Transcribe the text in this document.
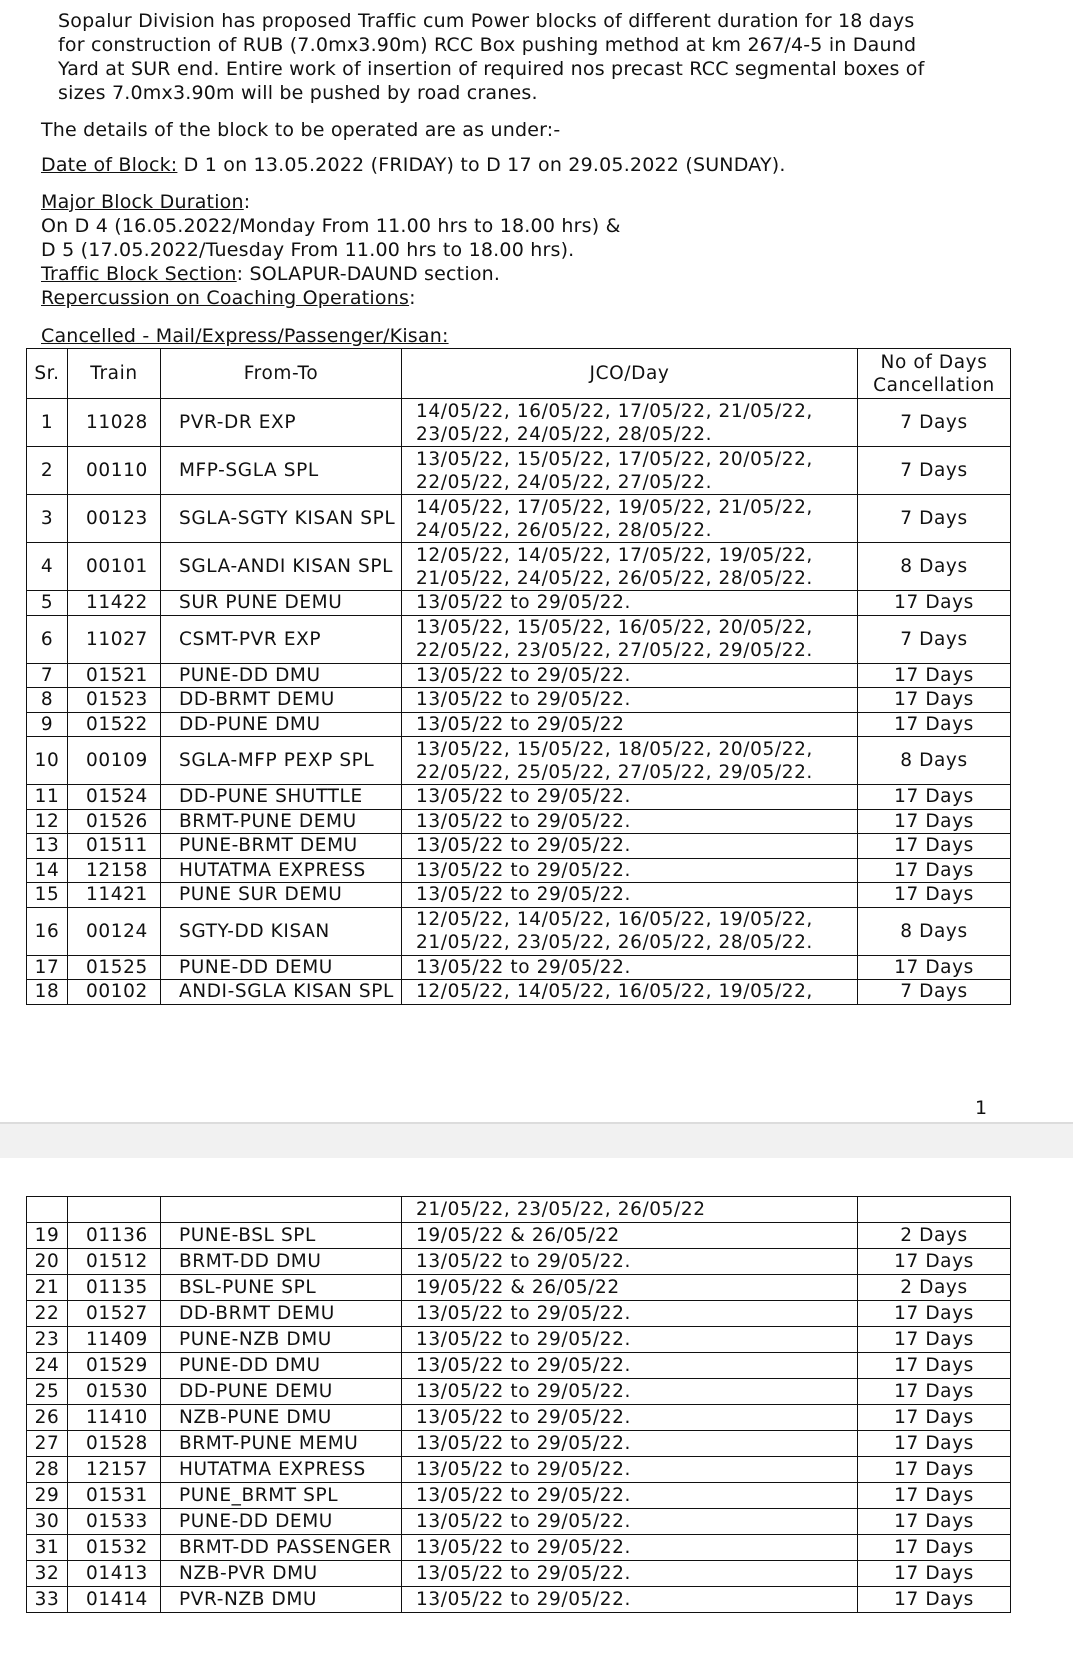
Sopalur Division has proposed Traffic cum Power blocks of different duration for 18 days

for construction of RUB (7.0mx3.90m) RCC Box pushing method at km 267/4-5 in Daund

Yard at SUR end. Entire work of insertion of required nos precast RCC segmental boxes of

sizes 7.0mx3.90m will be pushed by road cranes.

The details of the block to be operated are as under:-

Date of Block: D 1 on 13.05.2022 (FRIDAY) to D 17 on 29.05.2022 (SUNDAY).

Major Block Duration:

On D 4 (16.05.2022/Monday From 11.00 hrs to 18.00 hrs) &

D 5 (17.05.2022/Tuesday From 11.00 hrs to 18.00 hrs).

Traffic Block Section: SOLAPUR-DAUND section.

Repercussion on Coaching Operations:

Cancelled - Mail/Express/Passenger/Kisan:

Sr.	Train	From-To	JCO/Day	No of Days
Cancellation
1	11028	PVR-DR EXP	14/05/22, 16/05/22, 17/05/22, 21/05/22,
23/05/22, 24/05/22, 28/05/22.	7 Days
2	00110	MFP-SGLA SPL	13/05/22, 15/05/22, 17/05/22, 20/05/22,
22/05/22, 24/05/22, 27/05/22.	7 Days
3	00123	SGLA-SGTY KISAN SPL	14/05/22, 17/05/22, 19/05/22, 21/05/22,
24/05/22, 26/05/22, 28/05/22.	7 Days
4	00101	SGLA-ANDI KISAN SPL	12/05/22, 14/05/22, 17/05/22, 19/05/22,
21/05/22, 24/05/22, 26/05/22, 28/05/22.	8 Days
5	11422	SUR PUNE DEMU	13/05/22 to 29/05/22.	17 Days
6	11027	CSMT-PVR EXP	13/05/22, 15/05/22, 16/05/22, 20/05/22,
22/05/22, 23/05/22, 27/05/22, 29/05/22.	7 Days
7	01521	PUNE-DD DMU	13/05/22 to 29/05/22.	17 Days
8	01523	DD-BRMT DEMU	13/05/22 to 29/05/22.	17 Days
9	01522	DD-PUNE DMU	13/05/22 to 29/05/22	17 Days
10	00109	SGLA-MFP PEXP SPL	13/05/22, 15/05/22, 18/05/22, 20/05/22,
22/05/22, 25/05/22, 27/05/22, 29/05/22.	8 Days
11	01524	DD-PUNE SHUTTLE	13/05/22 to 29/05/22.	17 Days
12	01526	BRMT-PUNE DEMU	13/05/22 to 29/05/22.	17 Days
13	01511	PUNE-BRMT DEMU	13/05/22 to 29/05/22.	17 Days
14	12158	HUTATMA EXPRESS	13/05/22 to 29/05/22.	17 Days
15	11421	PUNE SUR DEMU	13/05/22 to 29/05/22.	17 Days
16	00124	SGTY-DD KISAN	12/05/22, 14/05/22, 16/05/22, 19/05/22,
21/05/22, 23/05/22, 26/05/22, 28/05/22.	8 Days
17	01525	PUNE-DD DEMU	13/05/22 to 29/05/22.	17 Days
18	00102	ANDI-SGLA KISAN SPL	12/05/22, 14/05/22, 16/05/22, 19/05/22,	7 Days
1
			21/05/22, 23/05/22, 26/05/22	
19	01136	PUNE-BSL SPL	19/05/22 & 26/05/22	2 Days
20	01512	BRMT-DD DMU	13/05/22 to 29/05/22.	17 Days
21	01135	BSL-PUNE SPL	19/05/22 & 26/05/22	2 Days
22	01527	DD-BRMT DEMU	13/05/22 to 29/05/22.	17 Days
23	11409	PUNE-NZB DMU	13/05/22 to 29/05/22.	17 Days
24	01529	PUNE-DD DMU	13/05/22 to 29/05/22.	17 Days
25	01530	DD-PUNE DEMU	13/05/22 to 29/05/22.	17 Days
26	11410	NZB-PUNE DMU	13/05/22 to 29/05/22.	17 Days
27	01528	BRMT-PUNE MEMU	13/05/22 to 29/05/22.	17 Days
28	12157	HUTATMA EXPRESS	13/05/22 to 29/05/22.	17 Days
29	01531	PUNE_BRMT SPL	13/05/22 to 29/05/22.	17 Days
30	01533	PUNE-DD DEMU	13/05/22 to 29/05/22.	17 Days
31	01532	BRMT-DD PASSENGER	13/05/22 to 29/05/22.	17 Days
32	01413	NZB-PVR DMU	13/05/22 to 29/05/22.	17 Days
33	01414	PVR-NZB DMU	13/05/22 to 29/05/22.	17 Days
